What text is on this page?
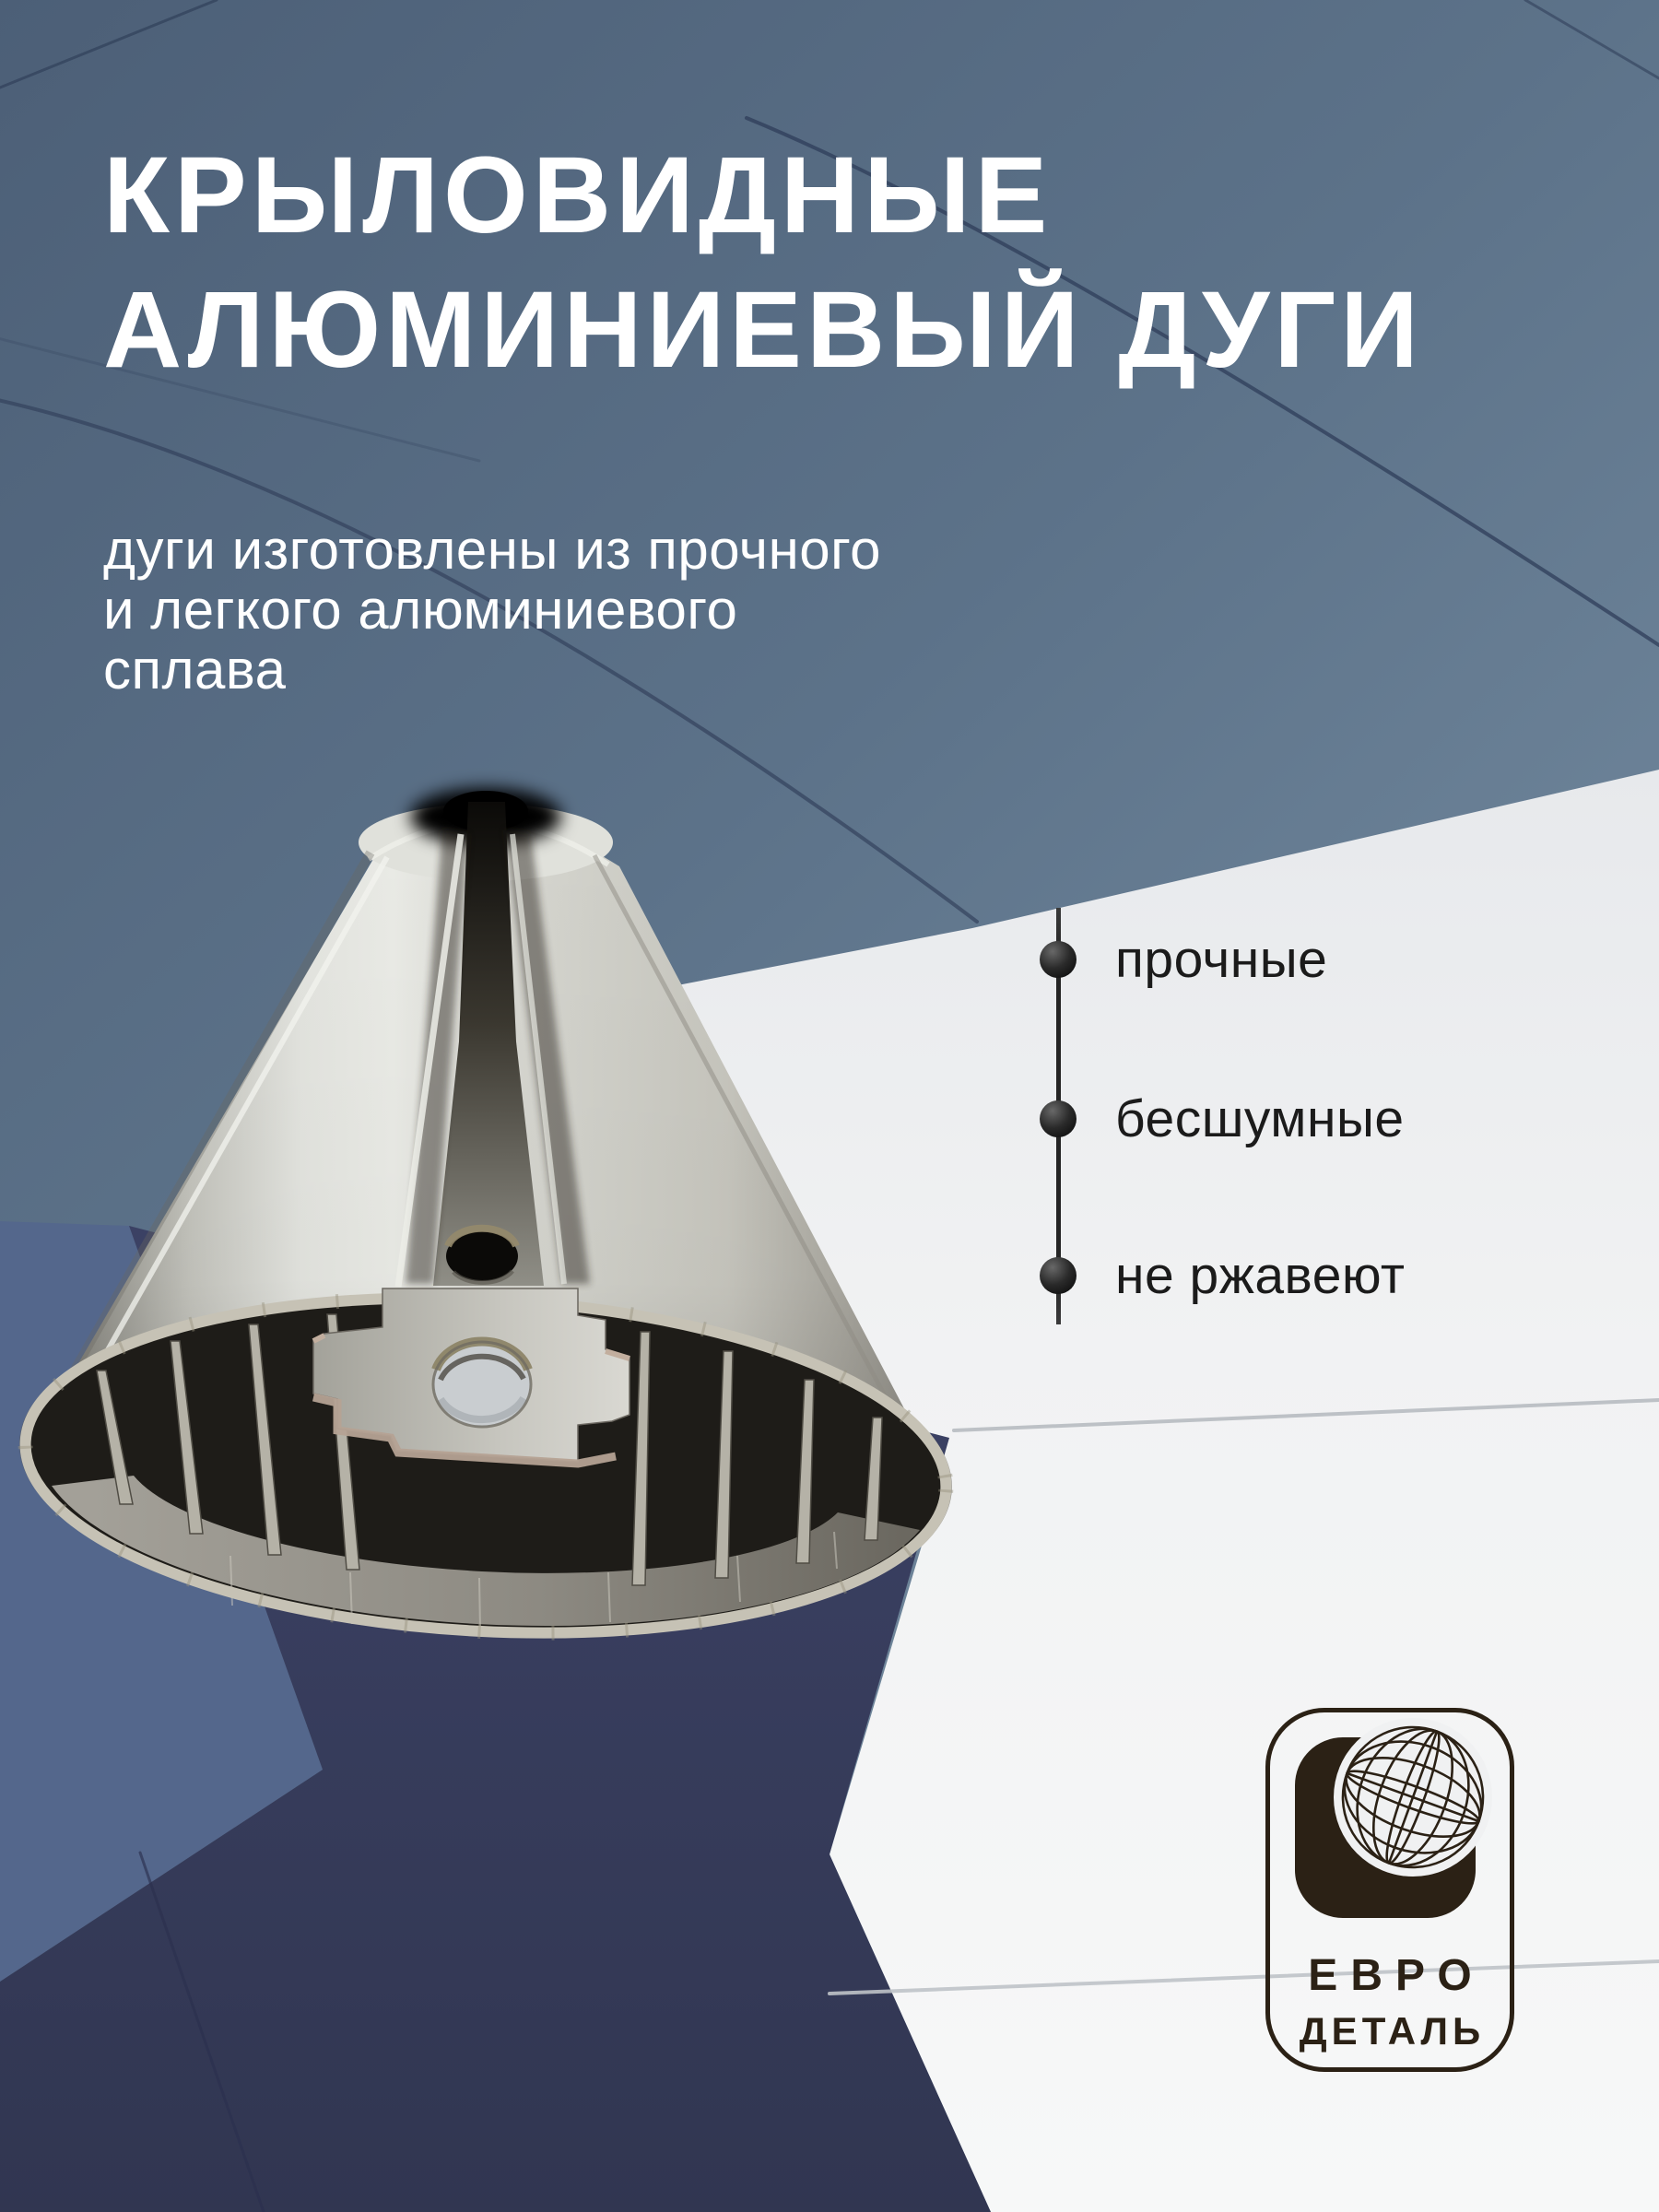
КРЫЛОВИДНЫЕ
АЛЮМИНИЕВЫЙ ДУГИ

дуги изготовлены из прочного
и легкого алюминиевого
сплава

прочные
бесшумные
не ржавеют
ЕВРО
ДЕТАЛЬ
